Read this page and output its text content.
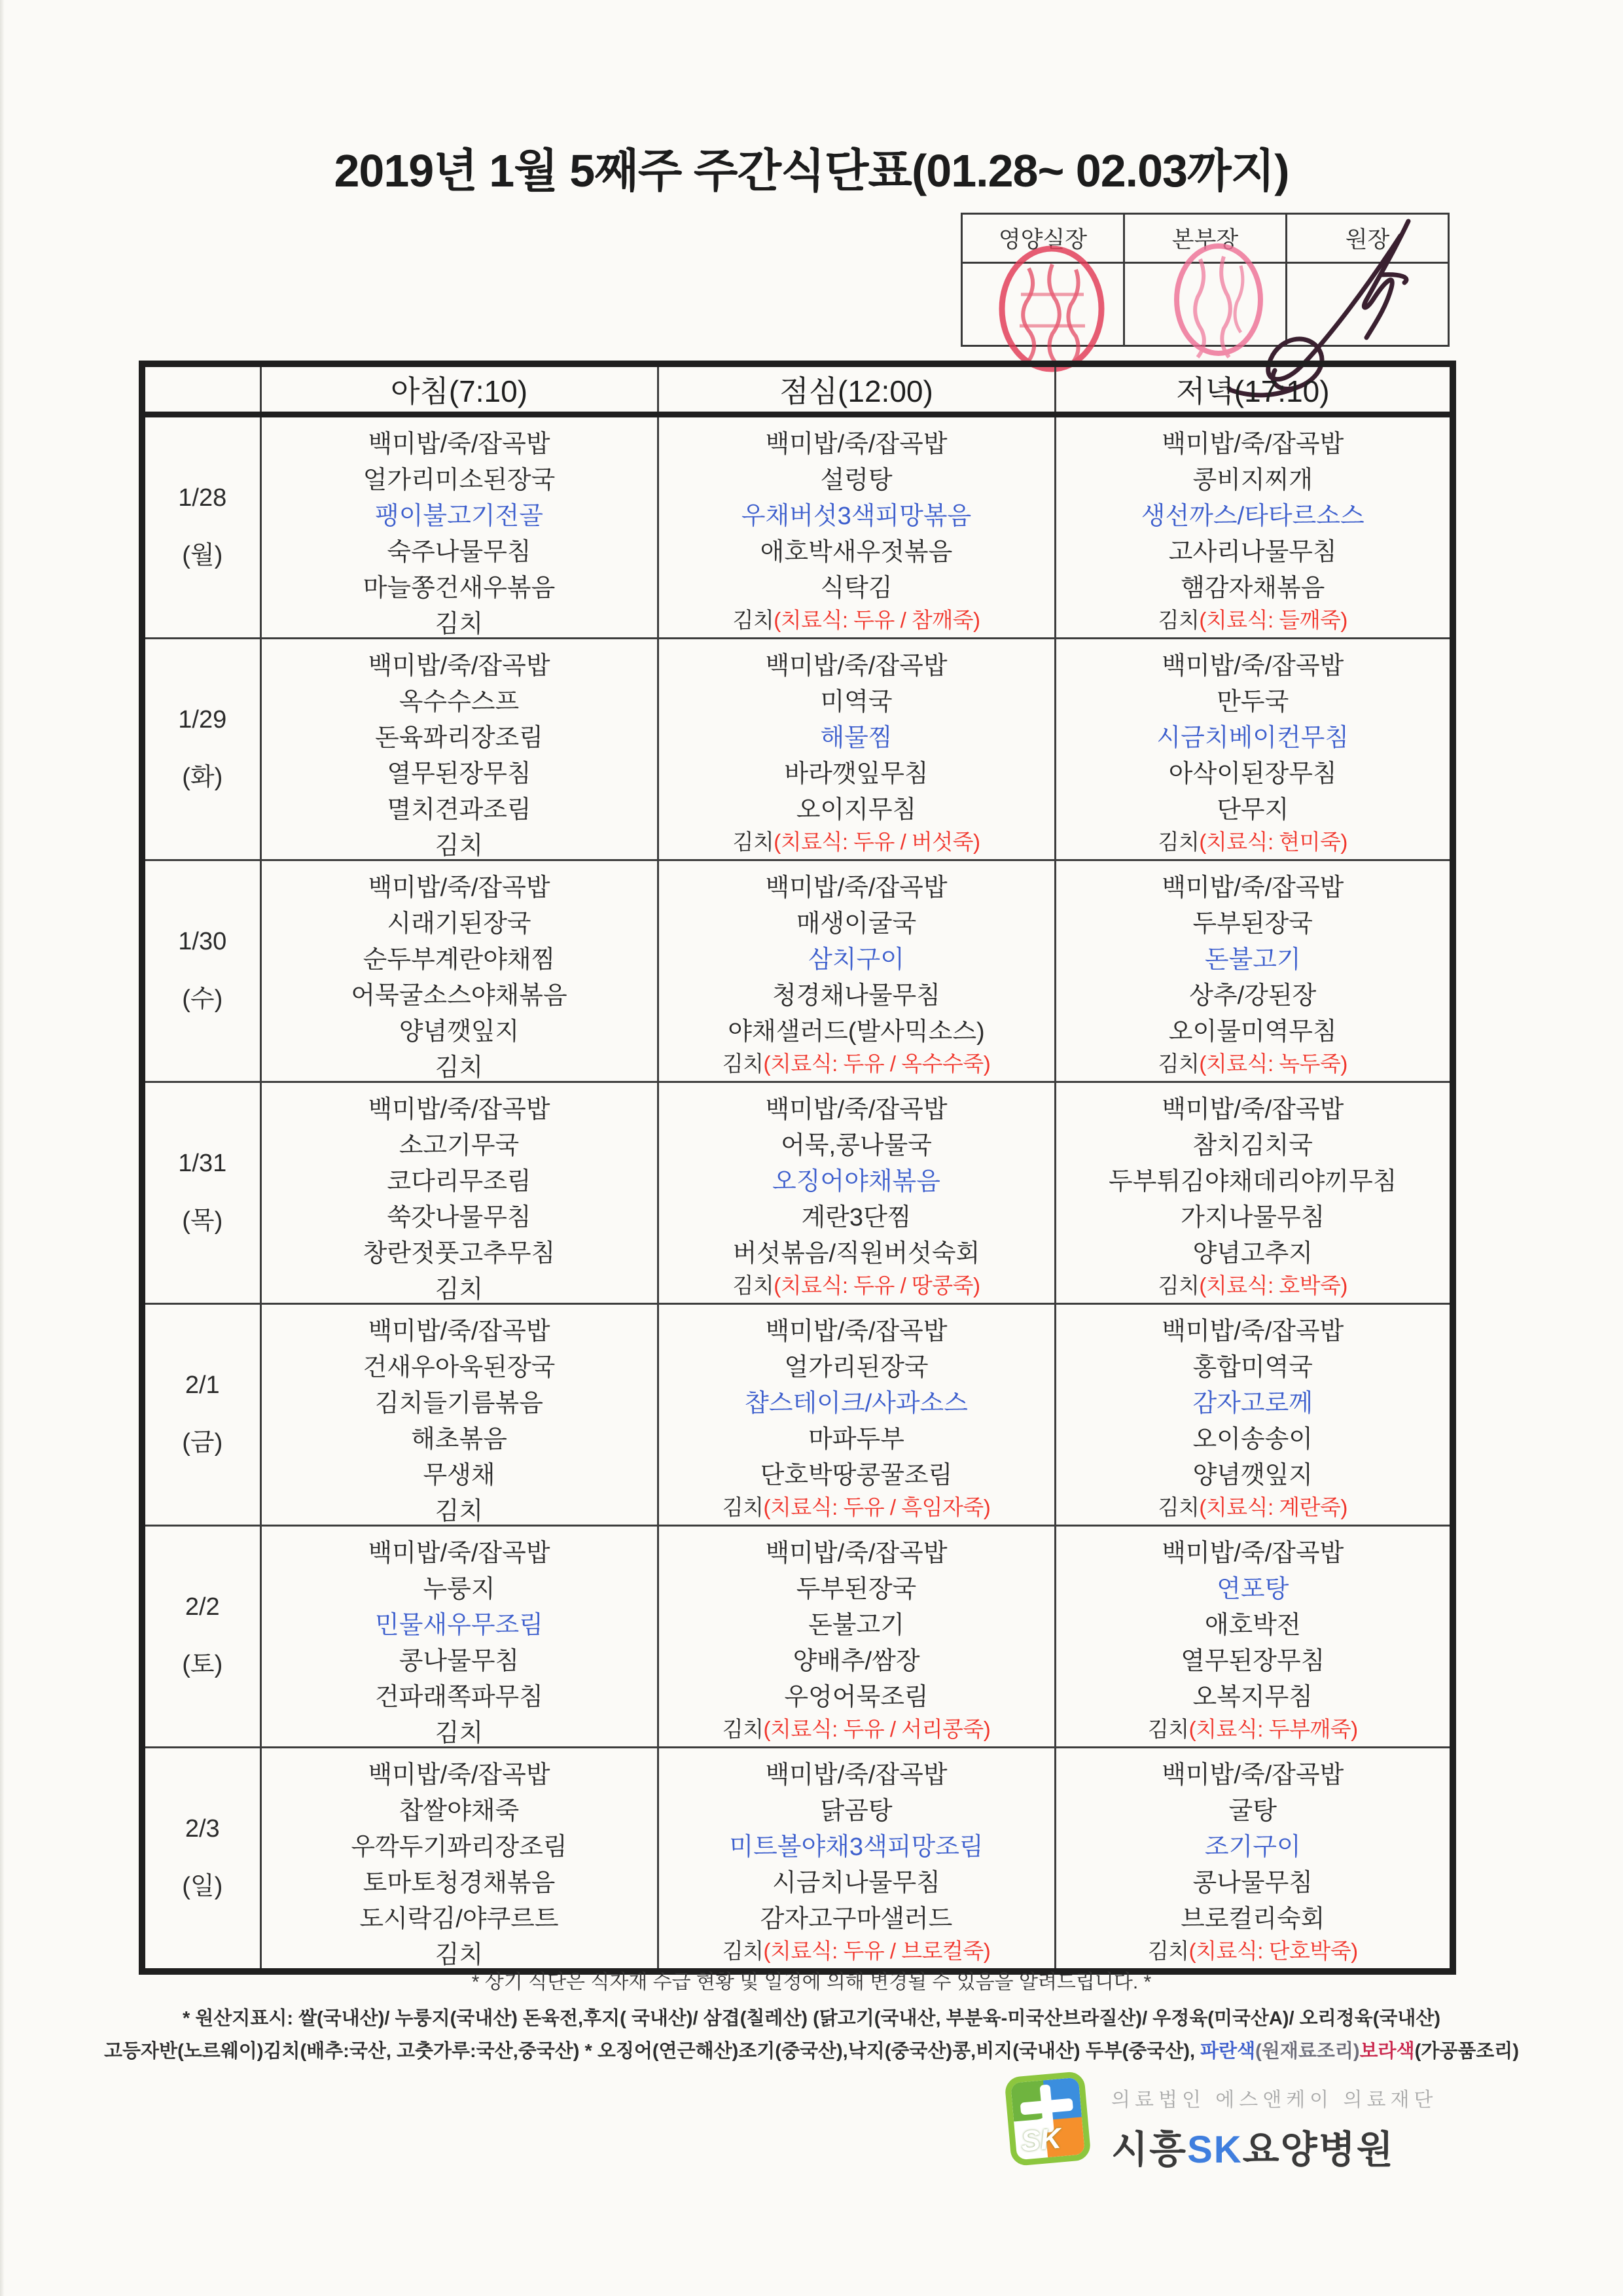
2019년 1월 5째주 주간식단표(01.28~ 02.03까지)
영양실장	본부장	원장

	아침(7:10)	점심(12:00)	저녁(17:10)

1/28
(월)

백미밥/죽/잡곡밥
얼가리미소된장국
팽이불고기전골
숙주나물무침
마늘쫑건새우볶음
김치

백미밥/죽/잡곡밥
설렁탕
우채버섯3색피망볶음
애호박새우젓볶음
식탁김
김치(치료식: 두유 / 참깨죽)

백미밥/죽/잡곡밥
콩비지찌개
생선까스/타타르소스
고사리나물무침
햄감자채볶음
김치(치료식: 들깨죽)

1/29
(화)

백미밥/죽/잡곡밥
옥수수스프
돈육꽈리장조림
열무된장무침
멸치견과조림
김치

백미밥/죽/잡곡밥
미역국
해물찜
바라깻잎무침
오이지무침
김치(치료식: 두유 / 버섯죽)

백미밥/죽/잡곡밥
만두국
시금치베이컨무침
아삭이된장무침
단무지
김치(치료식: 현미죽)

1/30
(수)

백미밥/죽/잡곡밥
시래기된장국
순두부계란야채찜
어묵굴소스야채볶음
양념깻잎지
김치

백미밥/죽/잡곡밥
매생이굴국
삼치구이
청경채나물무침
야채샐러드(발사믹소스)
김치(치료식: 두유 / 옥수수죽)

백미밥/죽/잡곡밥
두부된장국
돈불고기
상추/강된장
오이물미역무침
김치(치료식: 녹두죽)

1/31
(목)

백미밥/죽/잡곡밥
소고기무국
코다리무조림
쑥갓나물무침
창란젓풋고추무침
김치

백미밥/죽/잡곡밥
어묵,콩나물국
오징어야채볶음
계란3단찜
버섯볶음/직원버섯숙회
김치(치료식: 두유 / 땅콩죽)

백미밥/죽/잡곡밥
참치김치국
두부튀김야채데리야끼무침
가지나물무침
양념고추지
김치(치료식: 호박죽)

2/1
(금)

백미밥/죽/잡곡밥
건새우아욱된장국
김치들기름볶음
해초볶음
무생채
김치

백미밥/죽/잡곡밥
얼가리된장국
챱스테이크/사과소스
마파두부
단호박땅콩꿀조림
김치(치료식: 두유 / 흑임자죽)

백미밥/죽/잡곡밥
홍합미역국
감자고로께
오이송송이
양념깻잎지
김치(치료식: 계란죽)

2/2
(토)

백미밥/죽/잡곡밥
누룽지
민물새우무조림
콩나물무침
건파래쪽파무침
김치

백미밥/죽/잡곡밥
두부된장국
돈불고기
양배추/쌈장
우엉어묵조림
김치(치료식: 두유 / 서리콩죽)

백미밥/죽/잡곡밥
연포탕
애호박전
열무된장무침
오복지무침
김치(치료식: 두부깨죽)

2/3
(일)

백미밥/죽/잡곡밥
찹쌀야채죽
우깍두기꽈리장조림
토마토청경채볶음
도시락김/야쿠르트
김치

백미밥/죽/잡곡밥
닭곰탕
미트볼야채3색피망조림
시금치나물무침
감자고구마샐러드
김치(치료식: 두유 / 브로컬죽)

백미밥/죽/잡곡밥
굴탕
조기구이
콩나물무침
브로컬리숙회
김치(치료식: 단호박죽)
* 상기 식단은 식자재 수급 현황 및 일정에 의해 변경될 수 있음을 알려드립니다. *
* 원산지표시: 쌀(국내산)/ 누룽지(국내산) 돈육전,후지( 국내산)/ 삼겹(칠레산) (닭고기(국내산, 부분육-미국산브라질산)/ 우정육(미국산A)/ 오리정육(국내산)
고등자반(노르웨이)김치(배추:국산, 고춧가루:국산,중국산) * 오징어(연근해산)조기(중국산),낙지(중국산)콩,비지(국내산) 두부(중국산), 파란색(원재료조리)보라색(가공품조리)
SK
의료법인 에스앤케이 의료재단
시흥SK요양병원
